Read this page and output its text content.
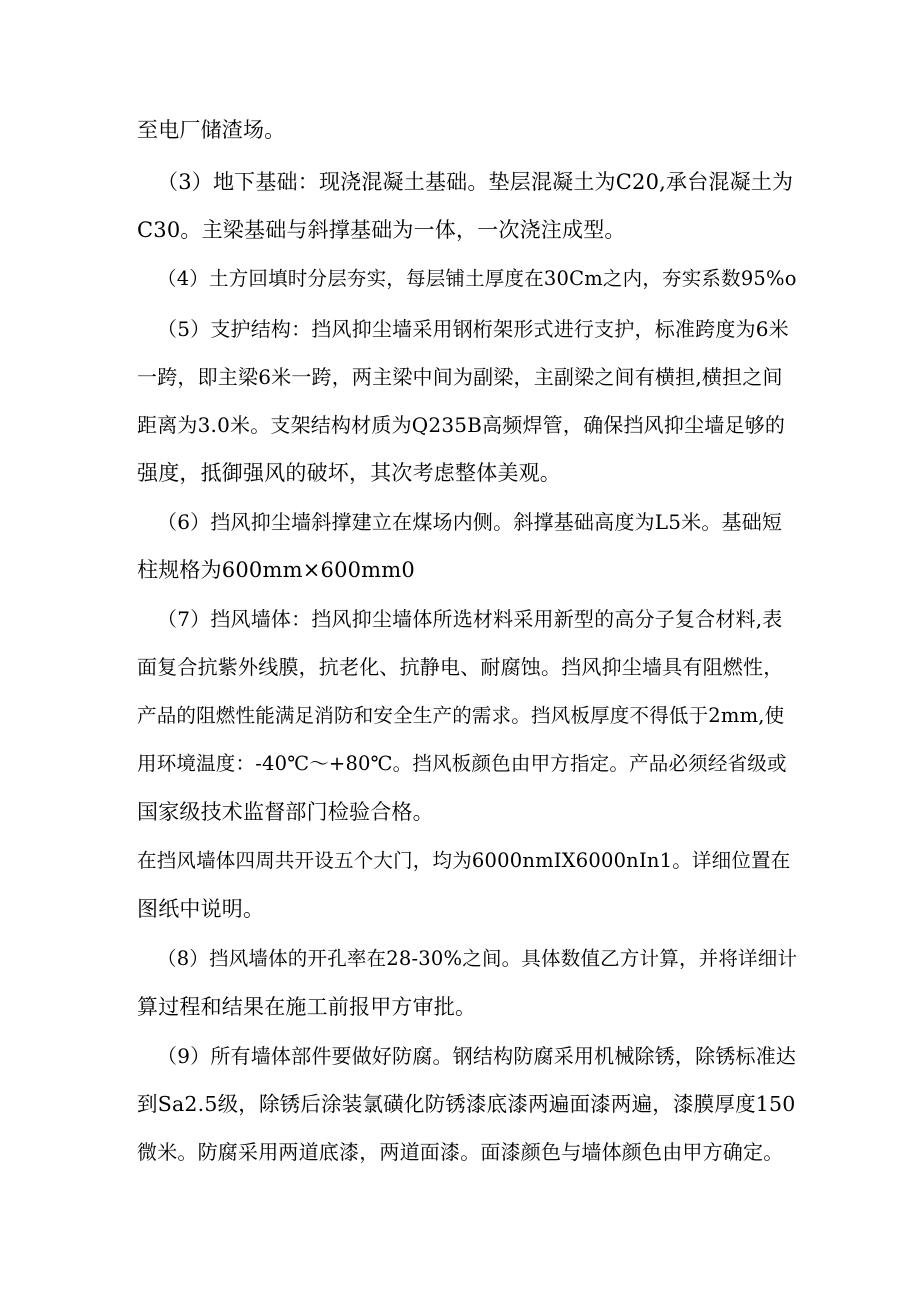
至电厂储渣场。

（3）地下基础：现浇混凝土基础。垫层混凝土为C20,承台混凝土为

C30。主梁基础与斜撑基础为一体，一次浇注成型。

（4）土方回填时分层夯实，每层铺土厚度在30Cm之内，夯实系数95%o

（5）支护结构：挡风抑尘墙采用钢桁架形式进行支护，标准跨度为6米

一跨，即主梁6米一跨，两主梁中间为副梁，主副梁之间有横担,横担之间

距离为3.0米。支架结构材质为Q235B高频焊管，确保挡风抑尘墙足够的

强度，抵御强风的破坏，其次考虑整体美观。

（6）挡风抑尘墙斜撑建立在煤场内侧。斜撑基础高度为L5米。基础短

柱规格为600mm×600mm0

（7）挡风墙体：挡风抑尘墙体所选材料采用新型的高分子复合材料,表

面复合抗紫外线膜，抗老化、抗静电、耐腐蚀。挡风抑尘墙具有阻燃性，

产品的阻燃性能满足消防和安全生产的需求。挡风板厚度不得低于2mm,使

用环境温度：-40℃～+80℃。挡风板颜色由甲方指定。产品必须经省级或

国家级技术监督部门检验合格。

在挡风墙体四周共开设五个大门，均为6000nmIX6000nIn1。详细位置在

图纸中说明。

（8）挡风墙体的开孔率在28-30%之间。具体数值乙方计算，并将详细计

算过程和结果在施工前报甲方审批。

（9）所有墙体部件要做好防腐。钢结构防腐采用机械除锈，除锈标准达

到Sa2.5级，除锈后涂装氯磺化防锈漆底漆两遍面漆两遍，漆膜厚度150

微米。防腐采用两道底漆，两道面漆。面漆颜色与墙体颜色由甲方确定。
